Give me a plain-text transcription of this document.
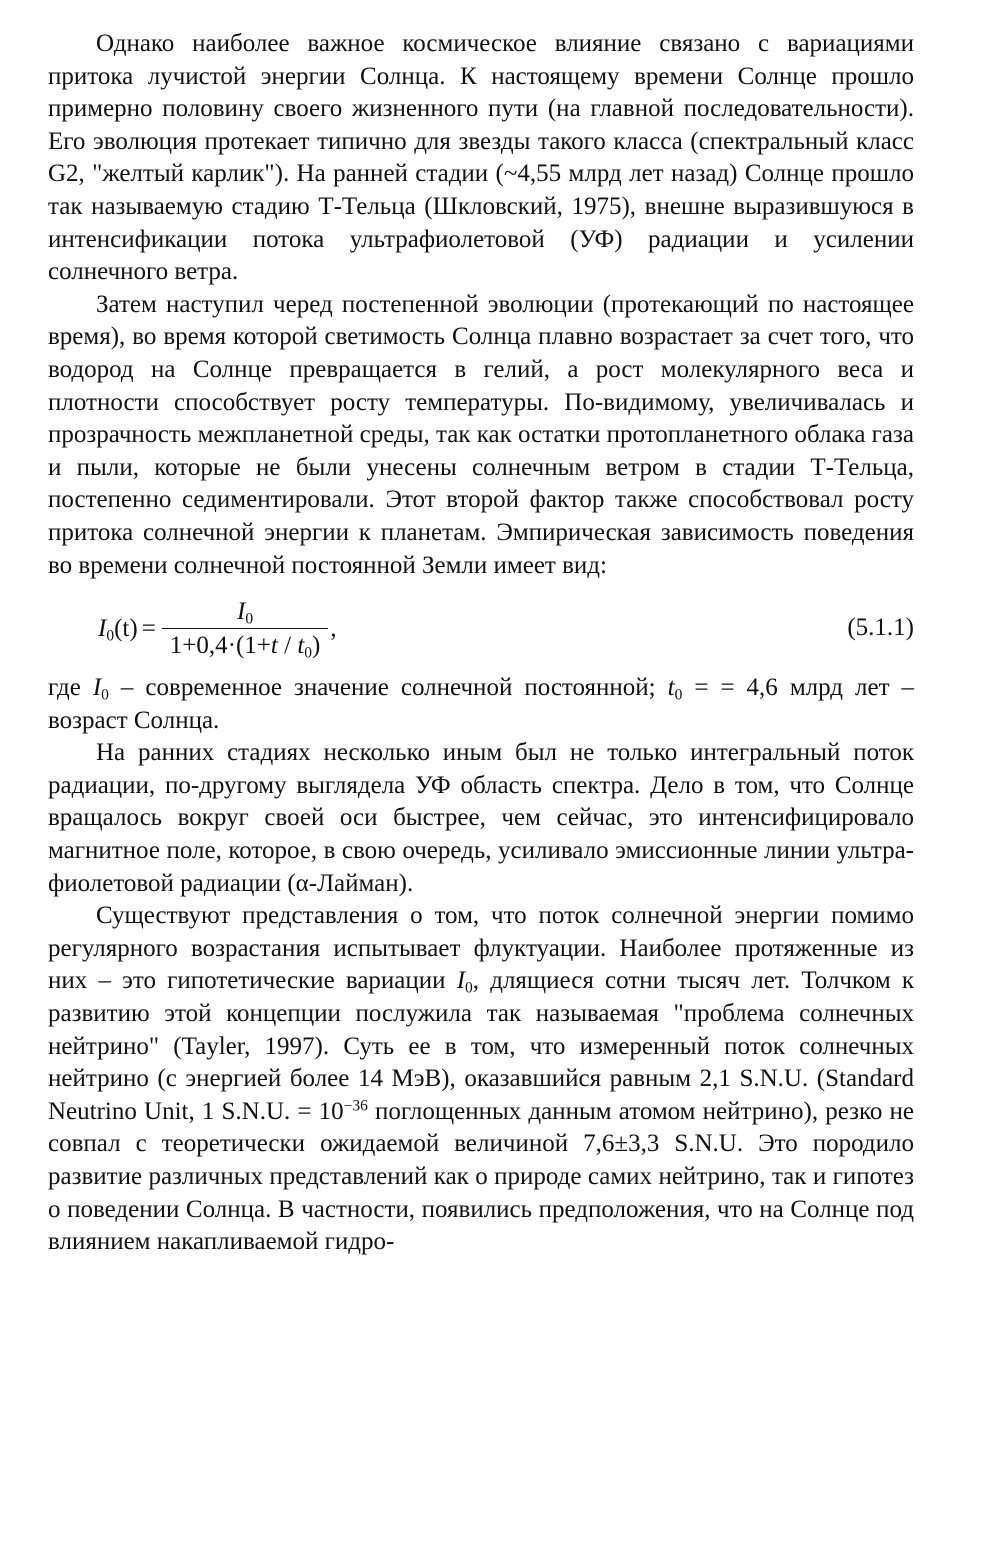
Однако наиболее важное космическое влияние связано с вариациями притока лучистой энергии Солнца. К настоящему времени Солнце прошло примерно половину своего жизненного пути (на главной последовательности). Его эволюция протекает типично для звезды такого класса (спектральный класс G2, "желтый карлик"). На ранней стадии (~4,55 млрд лет назад) Солнце прошло так называемую стадию Т-Тельца (Шкловский, 1975), внешне выразившуюся в интенсификации потока ультрафиолетовой (УФ) радиации и усилении солнечного ветра.

Затем наступил черед постепенной эволюции (протекающий по настоящее время), во время которой светимость Солнца плавно возрастает за счет того, что водород на Солнце превращается в гелий, а рост молекулярного веса и плотности способствует росту температуры. По-видимому, увеличивалась и прозрачность межпланетной среды, так как остатки протопланетного облака газа и пыли, которые не были унесены солнечным ветром в стадии Т-Тельца, постепенно седиментировали. Этот второй фактор также способствовал росту притока солнечной энергии к планетам. Эмпирическая зависимость поведения во времени солнечной постоянной Земли имеет вид:

$I_0(t) = \frac{I_0}{1+0,4\cdot(1+t / t_0)}$ ,	(5.1.1)

где $I_0$ – современное значение солнечной постоянной; $t_0$ = = 4,6 млрд лет – возраст Солнца.

На ранних стадиях несколько иным был не только интегральный поток радиации, по-другому выглядела УФ область спектра. Дело в том, что Солнце вращалось вокруг своей оси быстрее, чем сейчас, это интенсифицировало магнитное поле, которое, в свою очередь, усиливало эмиссионные линии ультрафиолетовой радиации (α-Лайман).

Существуют представления о том, что поток солнечной энергии помимо регулярного возрастания испытывает флуктуации. Наиболее протяженные из них – это гипотетические вариации $I_0$, длящиеся сотни тысяч лет. Толчком к развитию этой концепции послужила так называемая "проблема солнечных нейтрино" (Tayler, 1997). Суть ее в том, что измеренный поток солнечных нейтрино (с энергией более 14 МэВ), оказавшийся равным 2,1 S.N.U. (Standard Neutrino Unit, 1 S.N.U. = $10^{-36}$ поглощенных данным атомом нейтрино), резко не совпал с теоретически ожидаемой величиной 7,6±3,3 S.N.U. Это породило развитие различных представлений как о природе самих нейтрино, так и гипотез о поведении Солнца. В частности, появились предположения, что на Солнце под влиянием накапливаемой гидро-
